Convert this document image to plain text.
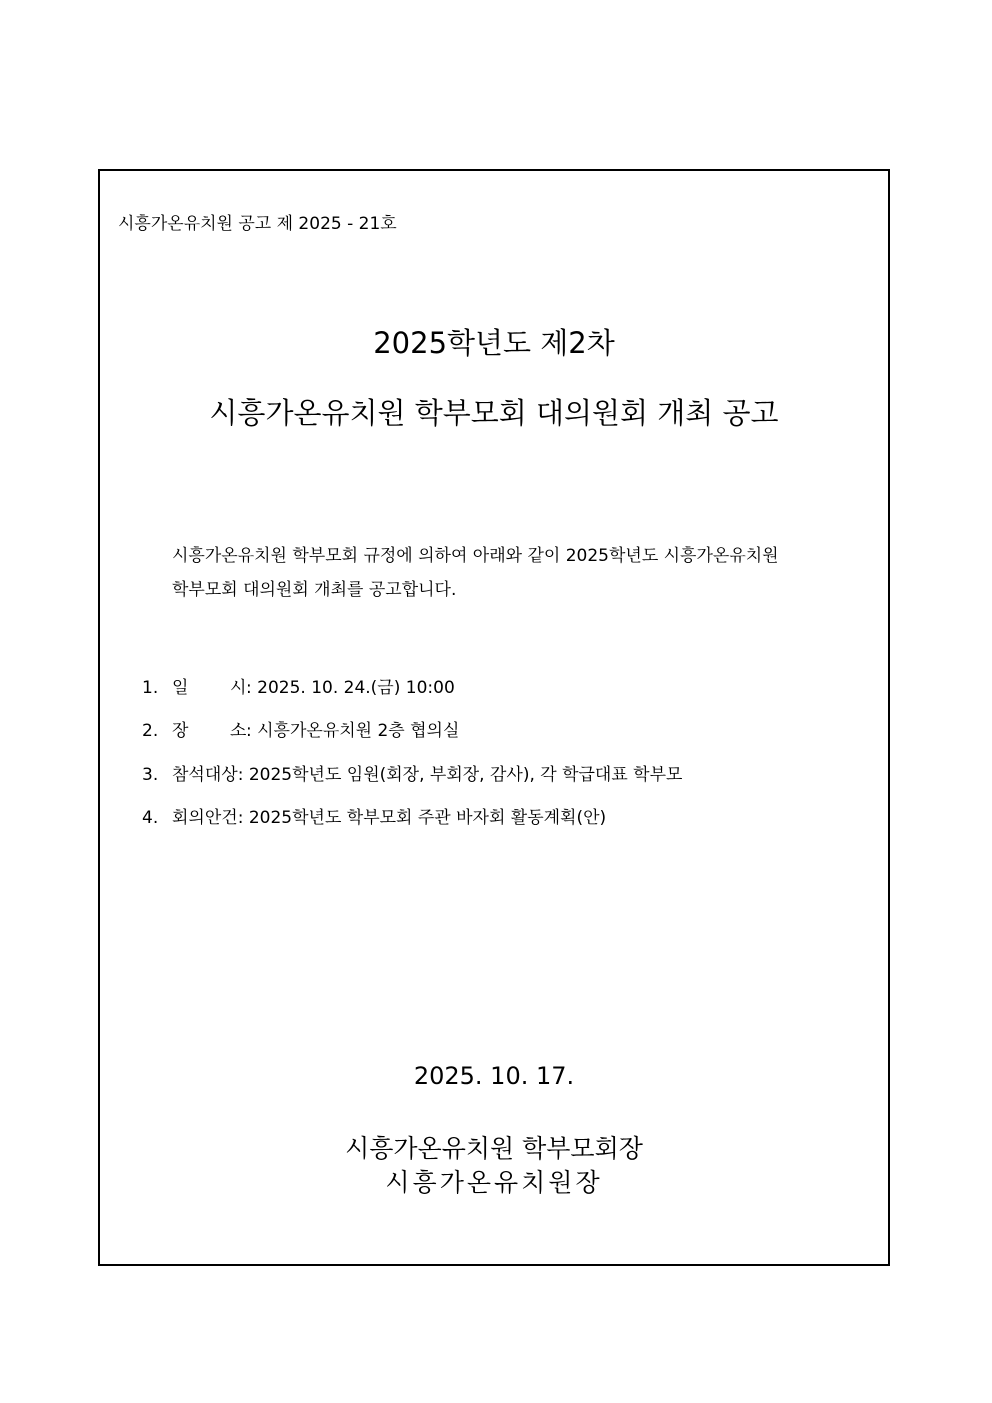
시흥가온유치원 공고 제 2025 - 21호
2025학년도 제2차
시흥가온유치원 학부모회 대의원회 개최 공고
시흥가온유치원 학부모회 규정에 의하여 아래와 같이 2025학년도 시흥가온유치원
학부모회 대의원회 개최를 공고합니다.
1. 일 시: 2025. 10. 24.(금) 10:00
2. 장 소: 시흥가온유치원 2층 협의실
3. 참석대상: 2025학년도 임원(회장, 부회장, 감사), 각 학급대표 학부모
4. 회의안건: 2025학년도 학부모회 주관 바자회 활동계획(안)
2025. 10. 17.
시흥가온유치원 학부모회장
시흥가온유치원장
